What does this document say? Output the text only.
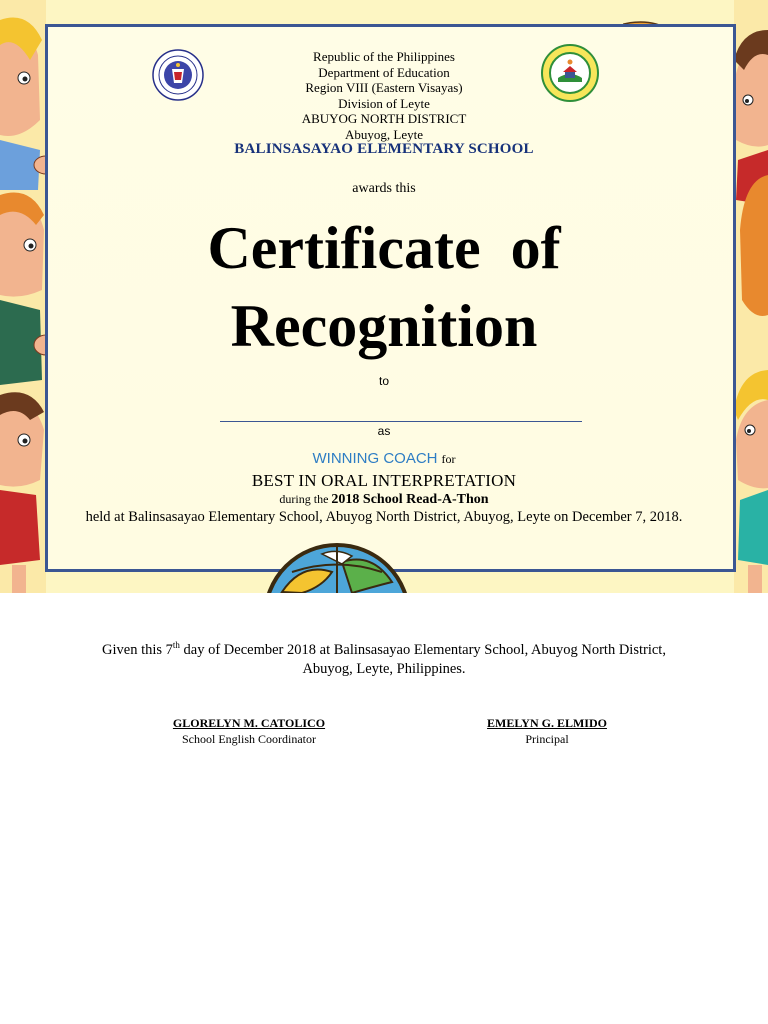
Republic of the Philippines
Department of Education
Region VIII (Eastern Visayas)
Division of Leyte
ABUYOG NORTH DISTRICT
Abuyog, Leyte
BALINSASAYAO ELEMENTARY SCHOOL
awards this
Certificate  of
Recognition
to
as
WINNING COACH for
BEST IN ORAL INTERPRETATION
during the 2018 School Read-A-Thon
held at Balinsasayao Elementary School, Abuyog North District, Abuyog, Leyte on December 7, 2018.
Given this 7th day of December 2018 at Balinsasayao Elementary School, Abuyog North District,
Abuyog, Leyte, Philippines.
GLORELYN M. CATOLICO
School English Coordinator
EMELYN G. ELMIDO
Principal
